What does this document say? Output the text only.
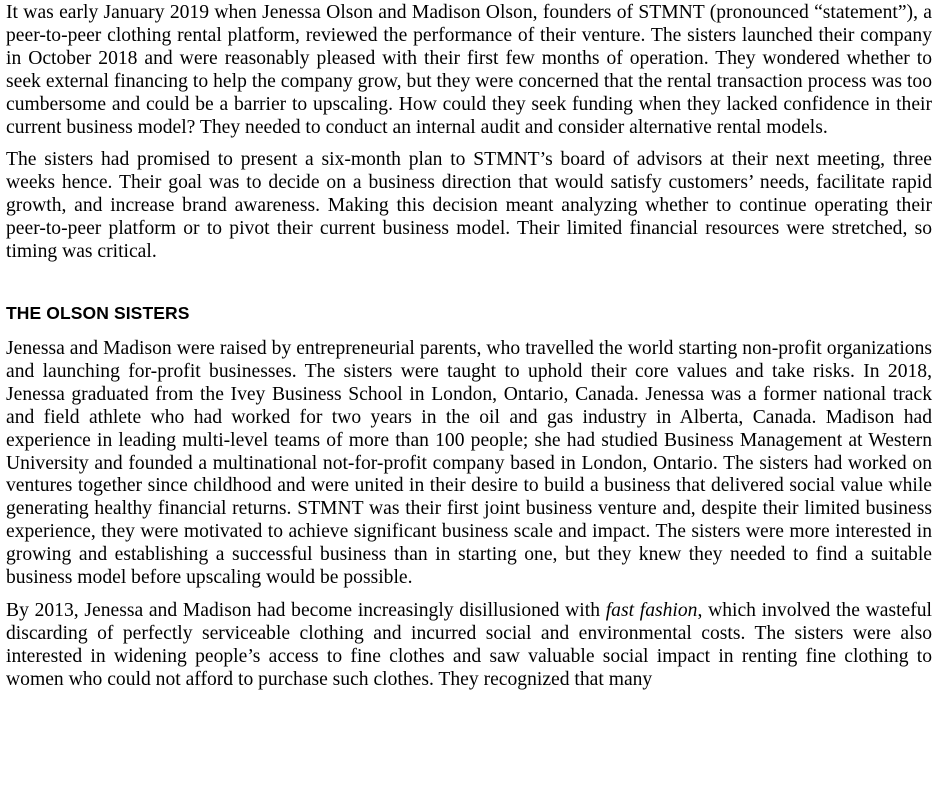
It was early January 2019 when Jenessa Olson and Madison Olson, founders of STMNT (pronounced “statement”), a peer-to-peer clothing rental platform, reviewed the performance of their venture. The sisters launched their company in October 2018 and were reasonably pleased with their first few months of operation. They wondered whether to seek external financing to help the company grow, but they were concerned that the rental transaction process was too cumbersome and could be a barrier to upscaling. How could they seek funding when they lacked confidence in their current business model? They needed to conduct an internal audit and consider alternative rental models.

The sisters had promised to present a six-month plan to STMNT’s board of advisors at their next meeting, three weeks hence. Their goal was to decide on a business direction that would satisfy customers’ needs, facilitate rapid growth, and increase brand awareness. Making this decision meant analyzing whether to continue operating their peer-to-peer platform or to pivot their current business model. Their limited financial resources were stretched, so timing was critical.

THE OLSON SISTERS

Jenessa and Madison were raised by entrepreneurial parents, who travelled the world starting non-profit organizations and launching for-profit businesses. The sisters were taught to uphold their core values and take risks. In 2018, Jenessa graduated from the Ivey Business School in London, Ontario, Canada. Jenessa was a former national track and field athlete who had worked for two years in the oil and gas industry in Alberta, Canada. Madison had experience in leading multi-level teams of more than 100 people; she had studied Business Management at Western University and founded a multinational not-for-profit company based in London, Ontario. The sisters had worked on ventures together since childhood and were united in their desire to build a business that delivered social value while generating healthy financial returns. STMNT was their first joint business venture and, despite their limited business experience, they were motivated to achieve significant business scale and impact. The sisters were more interested in growing and establishing a successful business than in starting one, but they knew they needed to find a suitable business model before upscaling would be possible.

By 2013, Jenessa and Madison had become increasingly disillusioned with fast fashion, which involved the wasteful discarding of perfectly serviceable clothing and incurred social and environmental costs. The sisters were also interested in widening people’s access to fine clothes and saw valuable social impact in renting fine clothing to women who could not afford to purchase such clothes. They recognized that many
